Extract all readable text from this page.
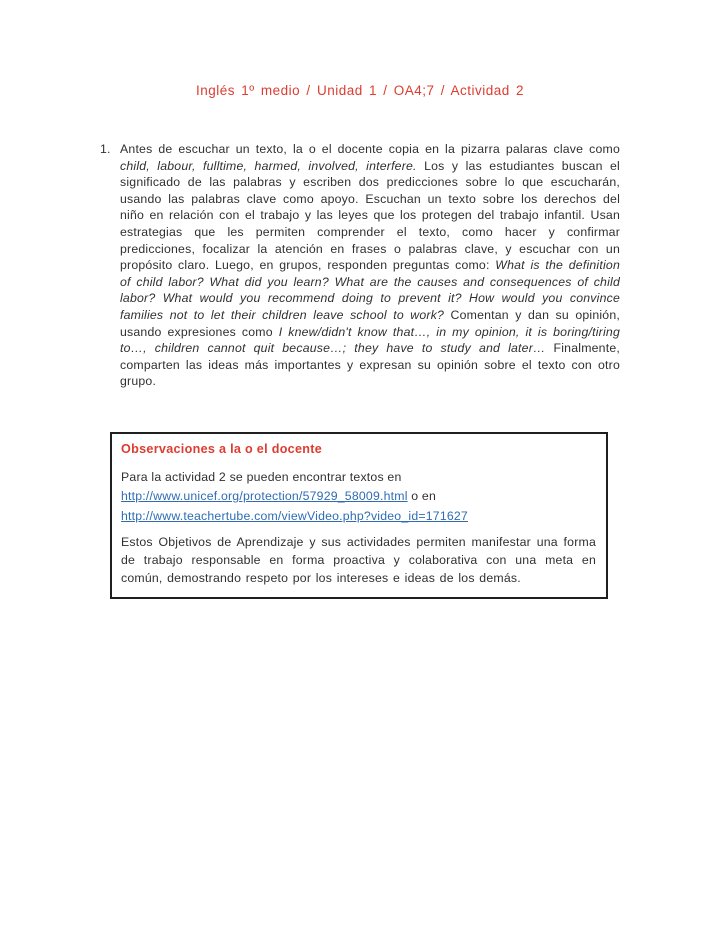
Inglés 1º medio / Unidad 1 / OA4;7 / Actividad 2
1. Antes de escuchar un texto, la o el docente copia en la pizarra palaras clave como child, labour, fulltime, harmed, involved, interfere. Los y las estudiantes buscan el significado de las palabras y escriben dos predicciones sobre lo que escucharán, usando las palabras clave como apoyo. Escuchan un texto sobre los derechos del niño en relación con el trabajo y las leyes que los protegen del trabajo infantil. Usan estrategias que les permiten comprender el texto, como hacer y confirmar predicciones, focalizar la atención en frases o palabras clave, y escuchar con un propósito claro. Luego, en grupos, responden preguntas como: What is the definition of child labor? What did you learn? What are the causes and consequences of child labor? What would you recommend doing to prevent it? How would you convince families not to let their children leave school to work? Comentan y dan su opinión, usando expresiones como I knew/didn't know that…, in my opinion, it is boring/tiring to…, children cannot quit because…; they have to study and later… Finalmente, comparten las ideas más importantes y expresan su opinión sobre el texto con otro grupo.
Observaciones a la o el docente
Para la actividad 2 se pueden encontrar textos en
http://www.unicef.org/protection/57929_58009.html o en
http://www.teachertube.com/viewVideo.php?video_id=171627
Estos Objetivos de Aprendizaje y sus actividades permiten manifestar una forma de trabajo responsable en forma proactiva y colaborativa con una meta en común, demostrando respeto por los intereses e ideas de los demás.
